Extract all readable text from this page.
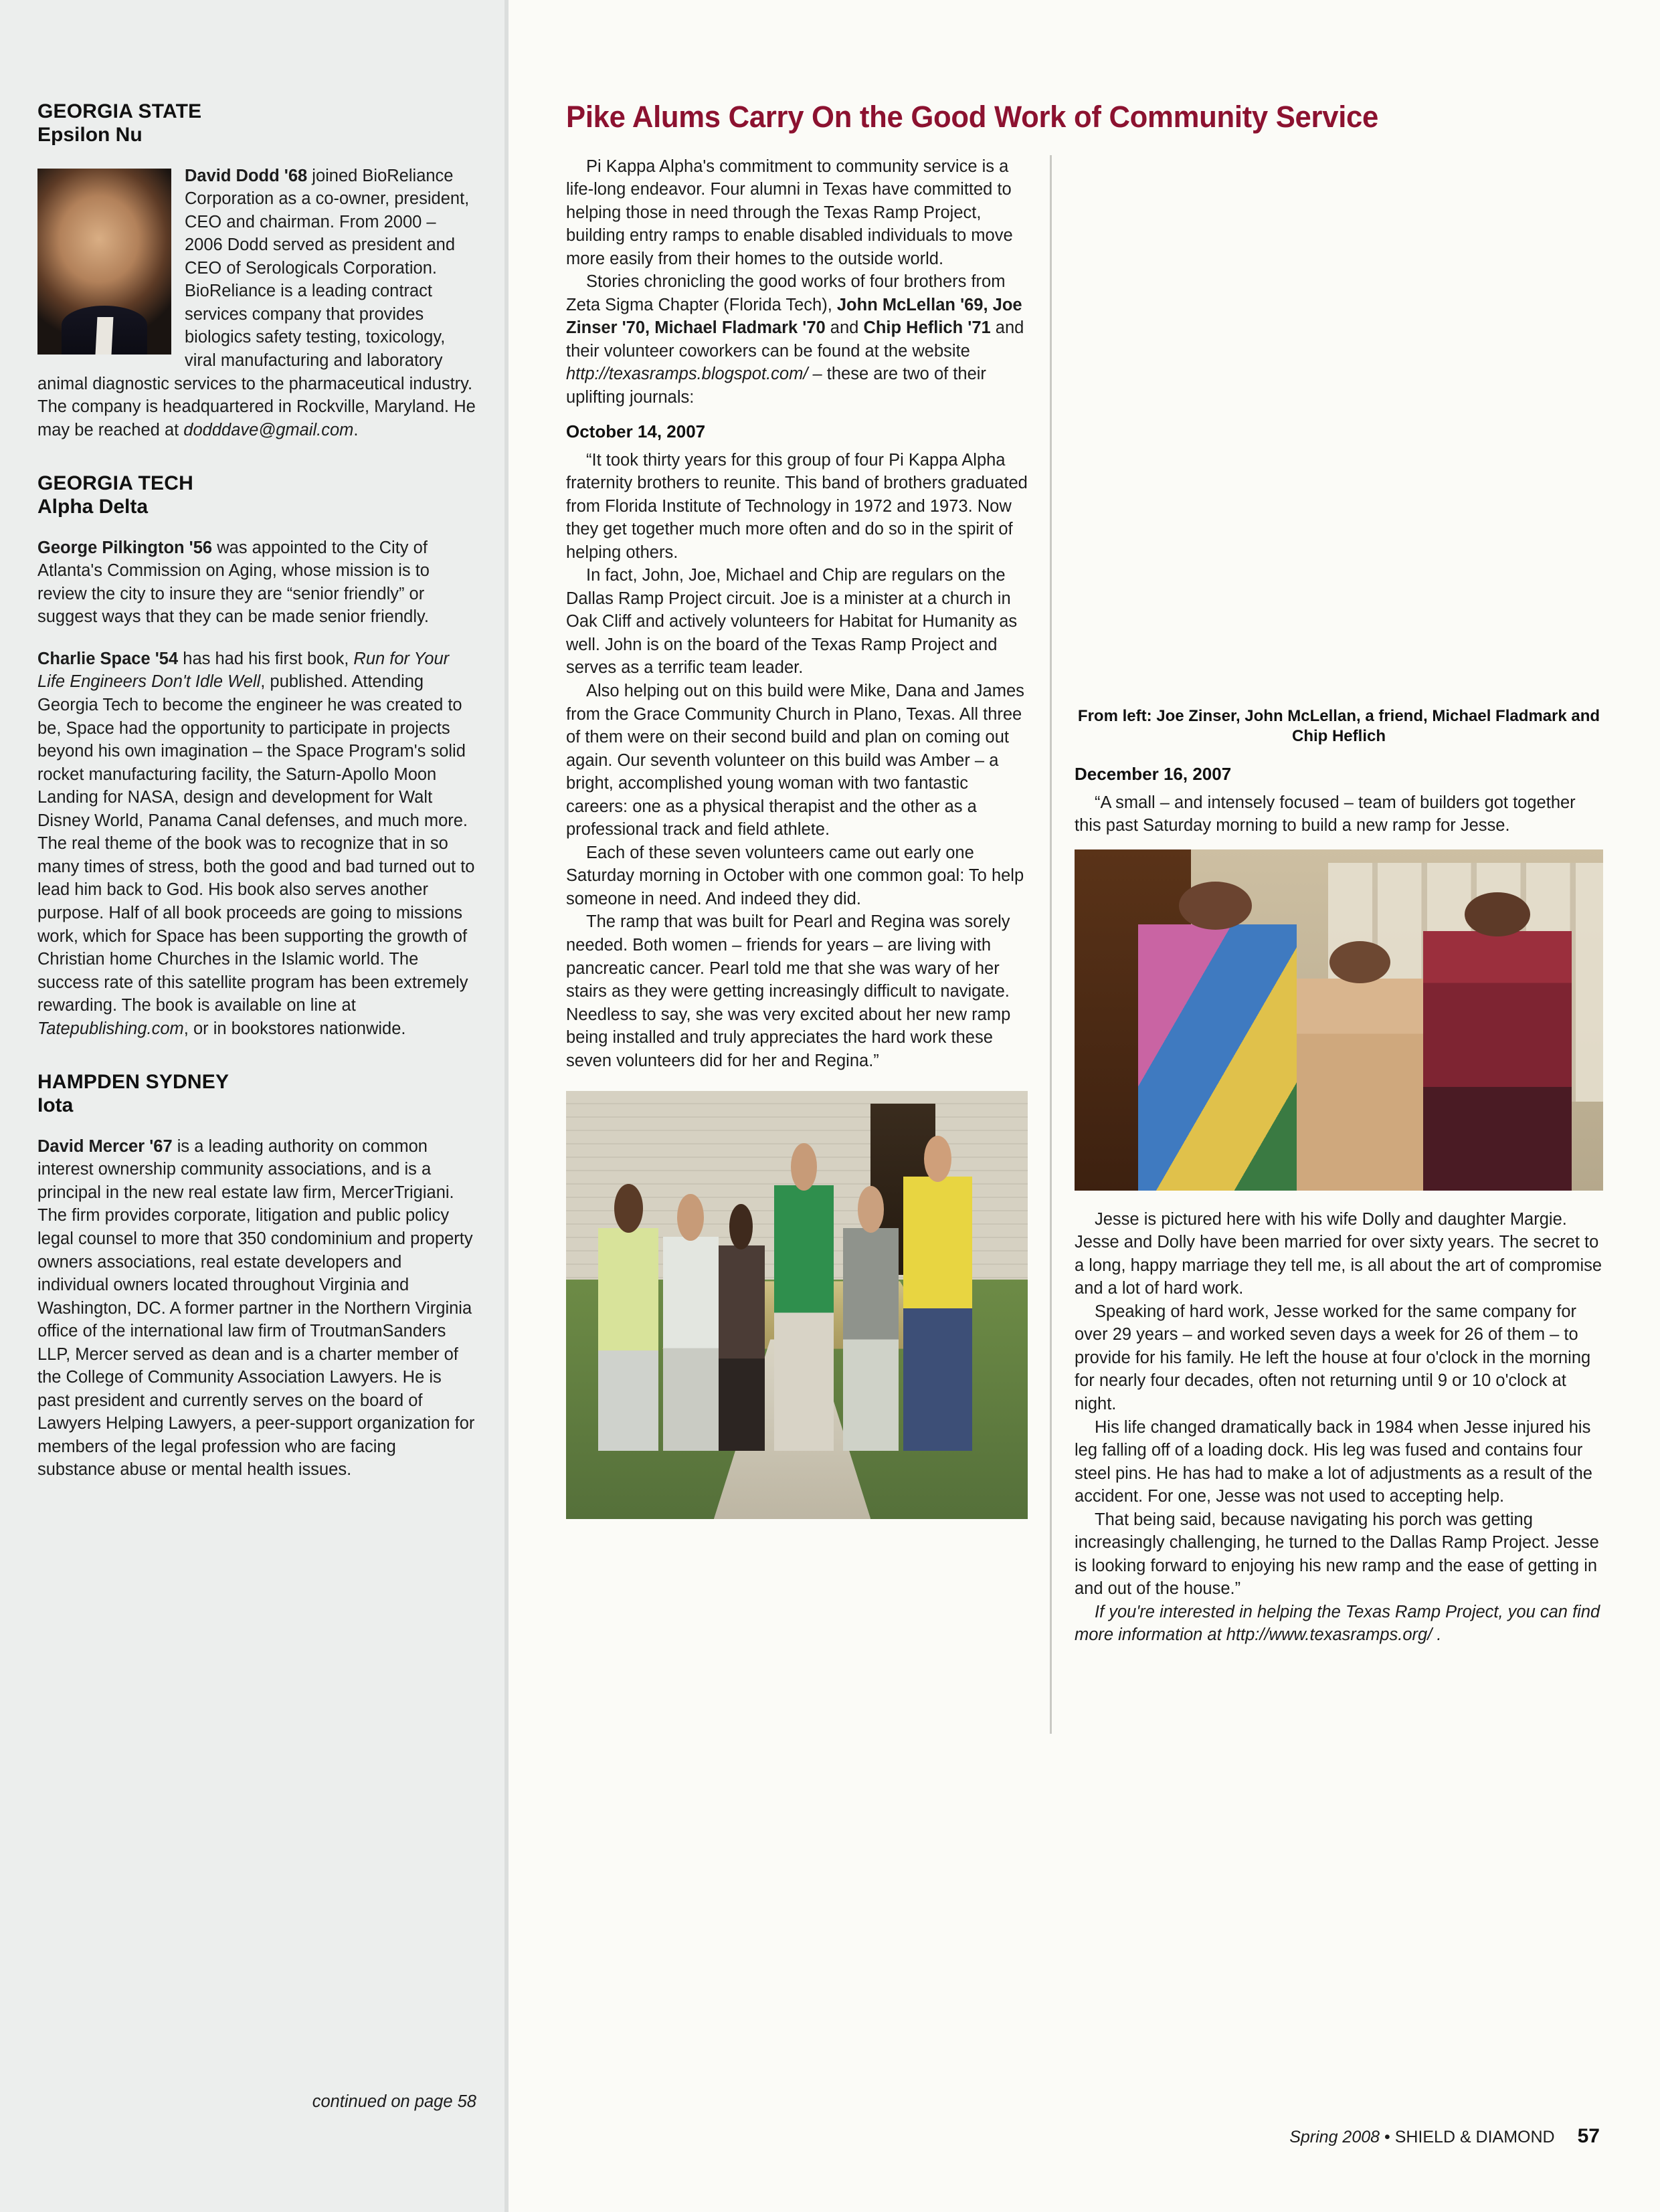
GEORGIA STATE
Epsilon Nu

David Dodd '68 joined BioReliance Corporation as a co-owner, president, CEO and chairman. From 2000 – 2006 Dodd served as president and CEO of Serologicals Corporation. BioReliance is a leading contract services company that provides biologics safety testing, toxicology, viral manufacturing and laboratory animal diagnostic services to the pharmaceutical industry. The company is headquartered in Rockville, Maryland. He may be reached at dodddave@gmail.com.

GEORGIA TECH
Alpha Delta

George Pilkington '56 was appointed to the City of Atlanta's Commission on Aging, whose mission is to review the city to insure they are “senior friendly” or suggest ways that they can be made senior friendly.

Charlie Space '54 has had his first book, Run for Your Life Engineers Don't Idle Well, published. Attending Georgia Tech to become the engineer he was created to be, Space had the opportunity to participate in projects beyond his own imagination – the Space Program's solid rocket manufacturing facility, the Saturn-Apollo Moon Landing for NASA, design and development for Walt Disney World, Panama Canal defenses, and much more. The real theme of the book was to recognize that in so many times of stress, both the good and bad turned out to lead him back to God. His book also serves another purpose. Half of all book proceeds are going to missions work, which for Space has been supporting the growth of Christian home Churches in the Islamic world. The success rate of this satellite program has been extremely rewarding. The book is available on line at Tatepublishing.com, or in bookstores nationwide.

HAMPDEN SYDNEY
Iota

David Mercer '67 is a leading authority on common interest ownership community associations, and is a principal in the new real estate law firm, MercerTrigiani. The firm provides corporate, litigation and public policy legal counsel to more that 350 condominium and property owners associations, real estate developers and individual owners located throughout Virginia and Washington, DC. A former partner in the Northern Virginia office of the international law firm of TroutmanSanders LLP, Mercer served as dean and is a charter member of the College of Community Association Lawyers. He is past president and currently serves on the board of Lawyers Helping Lawyers, a peer-support organization for members of the legal profession who are facing substance abuse or mental health issues.

continued on page 58
Pike Alums Carry On the Good Work of Community Service

Pi Kappa Alpha's commitment to community service is a life-long endeavor. Four alumni in Texas have committed to helping those in need through the Texas Ramp Project, building entry ramps to enable disabled individuals to move more easily from their homes to the outside world.

Stories chronicling the good works of four brothers from Zeta Sigma Chapter (Florida Tech), John McLellan '69, Joe Zinser '70, Michael Fladmark '70 and Chip Heflich '71 and their volunteer coworkers can be found at the website http://texasramps.blogspot.com/ – these are two of their uplifting journals:

October 14, 2007

“It took thirty years for this group of four Pi Kappa Alpha fraternity brothers to reunite. This band of brothers graduated from Florida Institute of Technology in 1972 and 1973. Now they get together much more often and do so in the spirit of helping others.

In fact, John, Joe, Michael and Chip are regulars on the Dallas Ramp Project circuit. Joe is a minister at a church in Oak Cliff and actively volunteers for Habitat for Humanity as well. John is on the board of the Texas Ramp Project and serves as a terrific team leader.

Also helping out on this build were Mike, Dana and James from the Grace Community Church in Plano, Texas. All three of them were on their second build and plan on coming out again. Our seventh volunteer on this build was Amber – a bright, accomplished young woman with two fantastic careers: one as a physical therapist and the other as a professional track and field athlete.

Each of these seven volunteers came out early one Saturday morning in October with one common goal: To help someone in need. And indeed they did.

The ramp that was built for Pearl and Regina was sorely needed. Both women – friends for years – are living with pancreatic cancer. Pearl told me that she was wary of her stairs as they were getting increasingly difficult to navigate. Needless to say, she was very excited about her new ramp being installed and truly appreciates the hard work these seven volunteers did for her and Regina.”

From left: Joe Zinser, John McLellan, a friend, Michael Fladmark and Chip Heflich

December 16, 2007

“A small – and intensely focused – team of builders got together this past Saturday morning to build a new ramp for Jesse.

Jesse is pictured here with his wife Dolly and daughter Margie. Jesse and Dolly have been married for over sixty years. The secret to a long, happy marriage they tell me, is all about the art of compromise and a lot of hard work.

Speaking of hard work, Jesse worked for the same company for over 29 years – and worked seven days a week for 26 of them – to provide for his family. He left the house at four o'clock in the morning for nearly four decades, often not returning until 9 or 10 o'clock at night.

His life changed dramatically back in 1984 when Jesse injured his leg falling off of a loading dock. His leg was fused and contains four steel pins. He has had to make a lot of adjustments as a result of the accident. For one, Jesse was not used to accepting help.

That being said, because navigating his porch was getting increasingly challenging, he turned to the Dallas Ramp Project. Jesse is looking forward to enjoying his new ramp and the ease of getting in and out of the house.”

If you're interested in helping the Texas Ramp Project, you can find more information at http://www.texasramps.org/ .

Spring 2008 • SHIELD & DIAMOND 57
